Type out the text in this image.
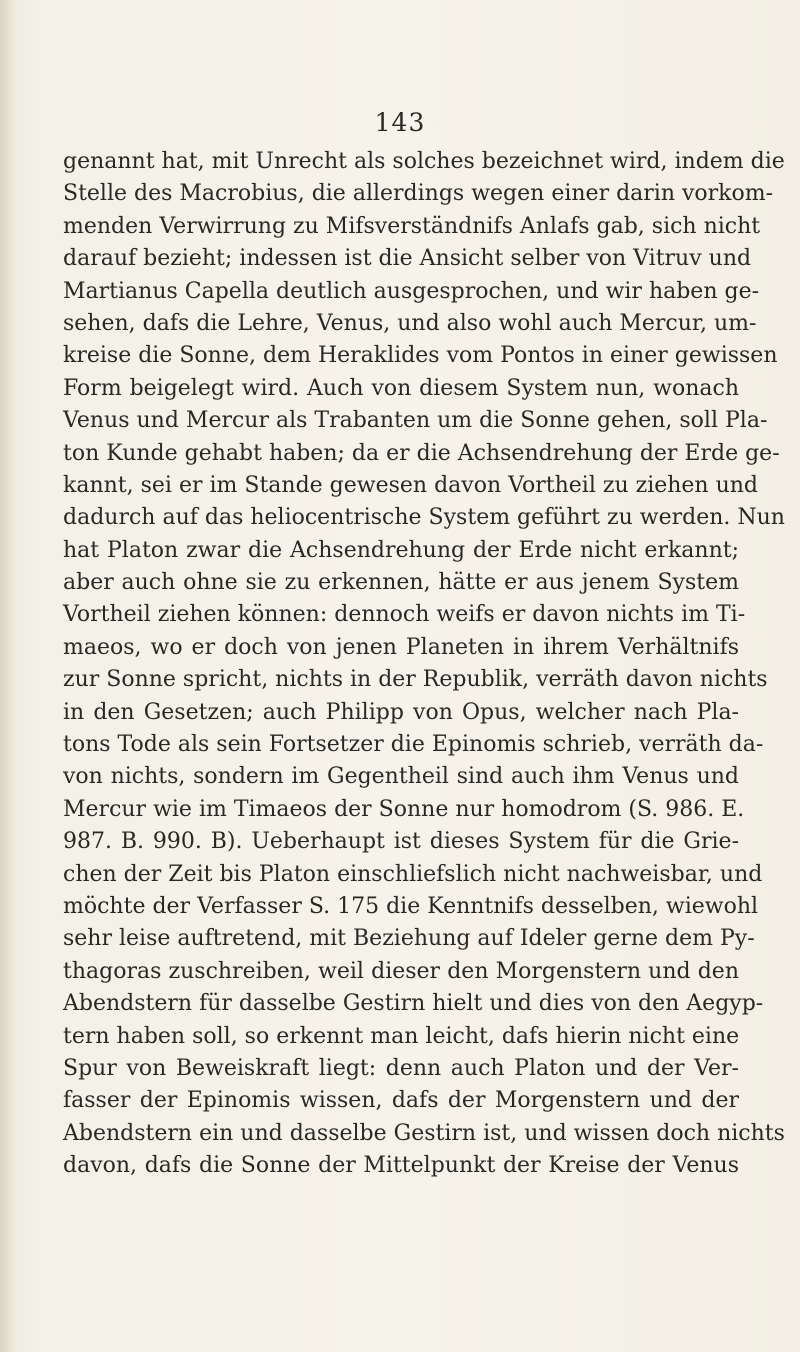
143
genannt hat, mit Unrecht als solches bezeichnet wird, indem die
Stelle des Macrobius, die allerdings wegen einer darin vorkom-
menden Verwirrung zu Mifsverständnifs Anlafs gab, sich nicht
darauf bezieht; indessen ist die Ansicht selber von Vitruv und
Martianus Capella deutlich ausgesprochen, und wir haben ge-
sehen, dafs die Lehre, Venus, und also wohl auch Mercur, um-
kreise die Sonne, dem Heraklides vom Pontos in einer gewissen
Form beigelegt wird. Auch von diesem System nun, wonach
Venus und Mercur als Trabanten um die Sonne gehen, soll Pla-
ton Kunde gehabt haben; da er die Achsendrehung der Erde ge-
kannt, sei er im Stande gewesen davon Vortheil zu ziehen und
dadurch auf das heliocentrische System geführt zu werden. Nun
hat Platon zwar die Achsendrehung der Erde nicht erkannt;
aber auch ohne sie zu erkennen, hätte er aus jenem System
Vortheil ziehen können: dennoch weifs er davon nichts im Ti-
maeos, wo er doch von jenen Planeten in ihrem Verhältnifs
zur Sonne spricht, nichts in der Republik, verräth davon nichts
in den Gesetzen; auch Philipp von Opus, welcher nach Pla-
tons Tode als sein Fortsetzer die Epinomis schrieb, verräth da-
von nichts, sondern im Gegentheil sind auch ihm Venus und
Mercur wie im Timaeos der Sonne nur homodrom (S. 986. E.
987. B. 990. B). Ueberhaupt ist dieses System für die Grie-
chen der Zeit bis Platon einschliefslich nicht nachweisbar, und
möchte der Verfasser S. 175 die Kenntnifs desselben, wiewohl
sehr leise auftretend, mit Beziehung auf Ideler gerne dem Py-
thagoras zuschreiben, weil dieser den Morgenstern und den
Abendstern für dasselbe Gestirn hielt und dies von den Aegyp-
tern haben soll, so erkennt man leicht, dafs hierin nicht eine
Spur von Beweiskraft liegt: denn auch Platon und der Ver-
fasser der Epinomis wissen, dafs der Morgenstern und der
Abendstern ein und dasselbe Gestirn ist, und wissen doch nichts
davon, dafs die Sonne der Mittelpunkt der Kreise der Venus
